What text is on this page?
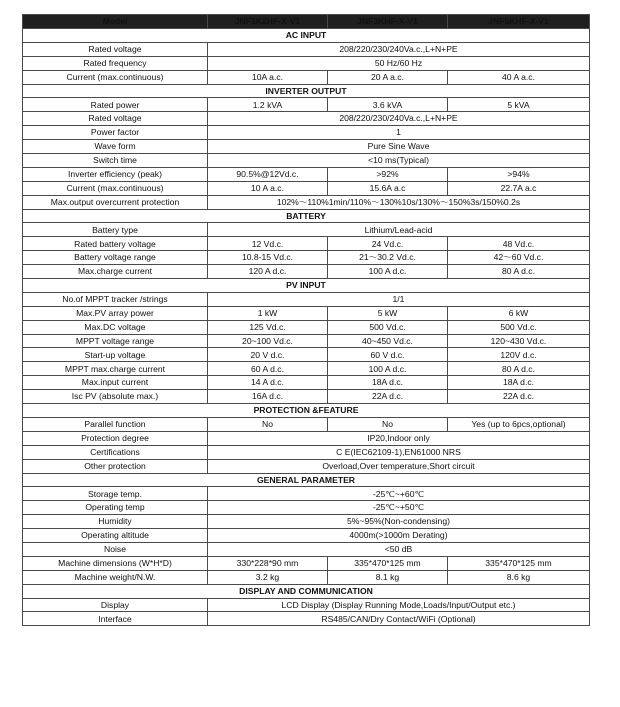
Model	JNF1K2HF-X-V1	JNF3KHF-X-V1	JNF5KHF-X-V1
AC INPUT			
Rated voltage	208/220/230/240Va.c.,L+N+PE		
Rated frequency	50 Hz/60 Hz		
Current (max.continuous)	10A a.c.	20 A a.c.	40 A a.c.
INVERTER OUTPUT			
Rated power	1.2 kVA	3.6 kVA	5 kVA
Rated voltage	208/220/230/240Va.c.,L+N+PE		
Power factor	1		
Wave form	Pure Sine Wave		
Switch time	<10 ms(Typical)		
Inverter efficiency (peak)	90.5%@12Vd.c.	>92%	>94%
Current (max.continuous)	10 A a.c.	15.6A a.c	22.7A a.c
Max.output overcurrent protection	102%～110%1min/110%～130%10s/130%～150%3s/150%0.2s		
BATTERY			
Battery type	Lithium/Lead-acid		
Rated battery voltage	12 Vd.c.	24 Vd.c.	48 Vd.c.
Battery voltage range	10.8-15 Vd.c.	21～30.2 Vd.c.	42～60 Vd.c.
Max.charge current	120 A d.c.	100 A d.c.	80 A d.c.
PV INPUT			
No.of MPPT tracker /strings	1/1		
Max.PV array power	1 kW	5 kW	6 kW
Max.DC voltage	125 Vd.c.	500 Vd.c.	500 Vd.c.
MPPT voltage range	20~100 Vd.c.	40~450 Vd.c.	120~430 Vd.c.
Start-up voltage	20 V d.c.	60 V d.c.	120V d.c.
MPPT max.charge current	60 A d.c.	100 A d.c.	80 A d.c.
Max.input current	14 A d.c.	18A d.c.	18A d.c.
Isc PV (absolute max.)	16A d.c.	22A d.c.	22A d.c.
PROTECTION &FEATURE			
Parallel function	No	No	Yes (up to 6pcs,optional)
Protection degree	IP20,Indoor only		
Certifications	C E(IEC62109-1),EN61000 NRS		
Other protection	Overload,Over temperature,Short circuit		
GENERAL PARAMETER			
Storage temp.	-25℃~+60℃		
Operating temp	-25℃~+50℃		
Humidity	5%~95%(Non-condensing)		
Operating altitude	4000m(>1000m Derating)		
Noise	<50 dB		
Machine dimensions (W*H*D)	330*228*90 mm	335*470*125 mm	335*470*125 mm
Machine weight/N.W.	3.2 kg	8.1 kg	8.6 kg
DISPLAY AND COMMUNICATION			
Display	LCD Display (Display Running Mode,Loads/Input/Output etc.)		
Interface	RS485/CAN/Dry Contact/WiFi (Optional)		
